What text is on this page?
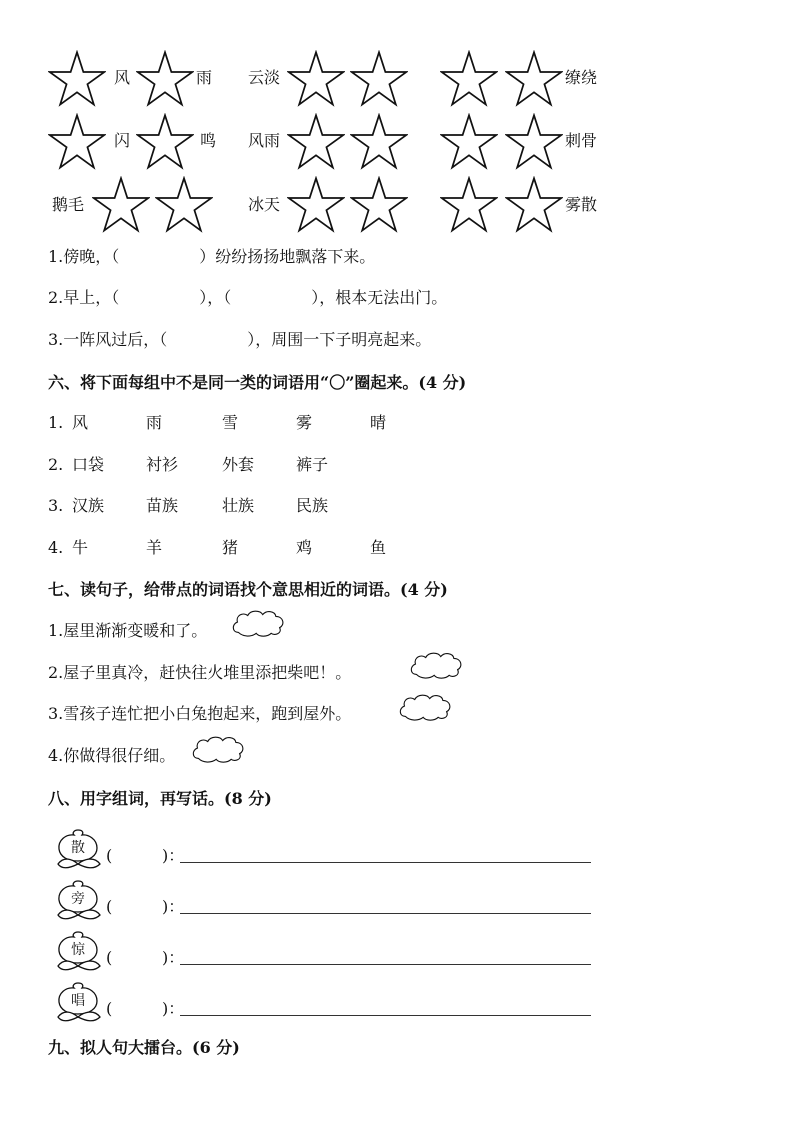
风	雨 云淡	缭绕
闪	鸣 风雨	刺骨
鹅毛	冰天	雾散
1.傍晚，（　　　　　）纷纷扬扬地飘落下来。
2.早上，（　　　　　），（　　　　　），根本无法出门。
3.一阵风过后，（　　　　　），周围一下子明亮起来。
六、将下面每组中不是同一类的词语用“〇”圈起来。(4 分)
1. 风	雨	雪	雾	晴
2. 口袋	衬衫	外套	裤子
3. 汉族	苗族	壮族	民族
4. 牛	羊	猪	鸡	鱼
七、读句子，给带点的词语找个意思相近的词语。(4 分)
1.屋里渐渐变暖和了。
2.屋子里真冷，赶快往火堆里添把柴吧！。
3.雪孩子连忙把小白兔抱起来，跑到屋外。
4.你做得很仔细。
八、用字组词，再写话。(8 分)
散	(	)：
旁	(	)：
惊	(	)：
唱	(	)：
九、拟人句大擂台。(6 分)
